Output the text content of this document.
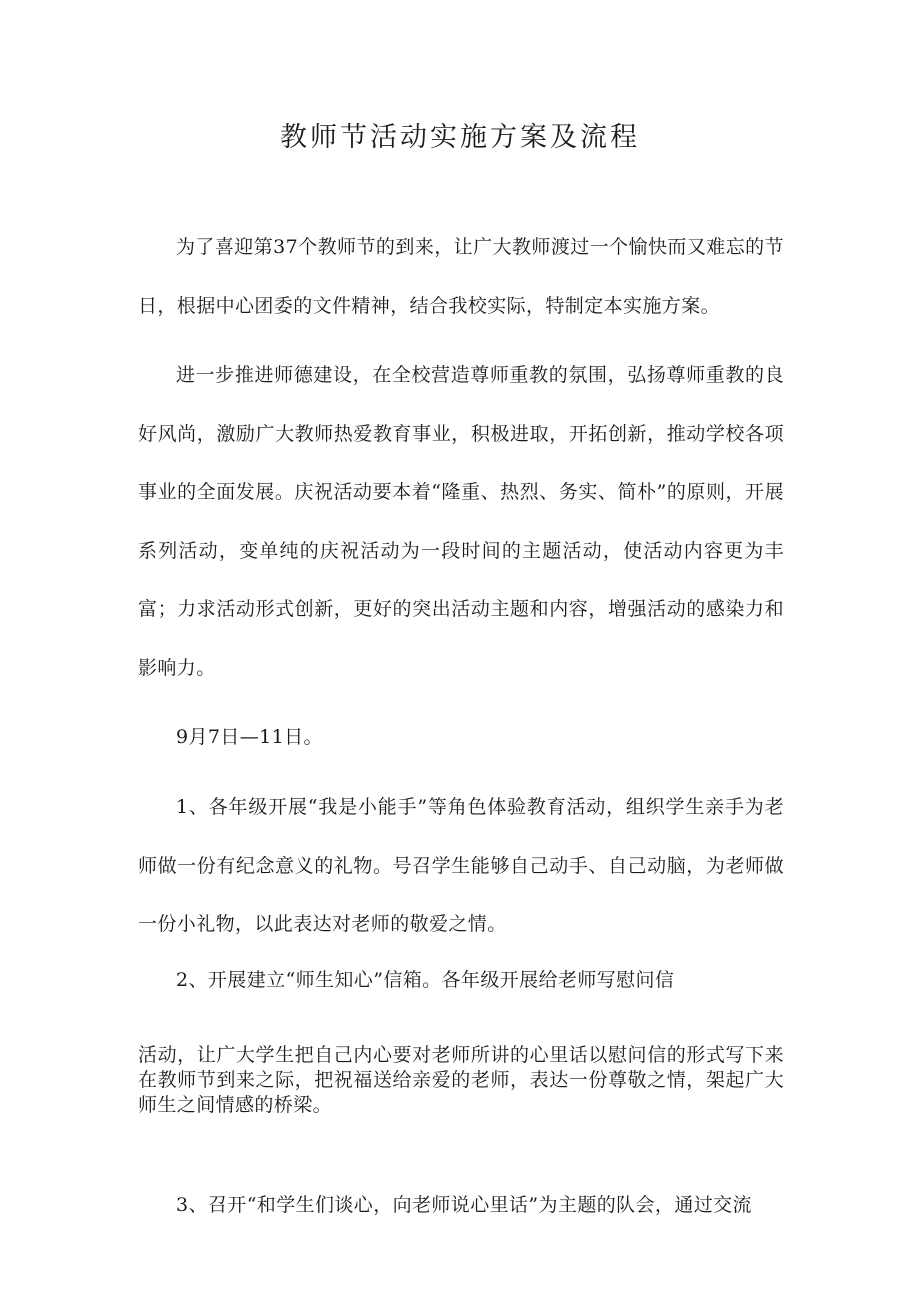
教师节活动实施方案及流程

为了喜迎第37个教师节的到来，让广大教师渡过一个愉快而又难忘的节日，根据中心团委的文件精神，结合我校实际，特制定本实施方案。

进一步推进师德建设，在全校营造尊师重教的氛围，弘扬尊师重教的良好风尚，激励广大教师热爱教育事业，积极进取，开拓创新，推动学校各项事业的全面发展。庆祝活动要本着“隆重、热烈、务实、简朴”的原则，开展系列活动，变单纯的庆祝活动为一段时间的主题活动，使活动内容更为丰富；力求活动形式创新，更好的突出活动主题和内容，增强活动的感染力和影响力。

9月7日—11日。

1、各年级开展“我是小能手”等角色体验教育活动，组织学生亲手为老师做一份有纪念意义的礼物。号召学生能够自己动手、自己动脑，为老师做一份小礼物，以此表达对老师的敬爱之情。

2、开展建立“师生知心”信箱。各年级开展给老师写慰问信

活动，让广大学生把自己内心要对老师所讲的心里话以慰问信的形式写下来在教师节到来之际，把祝福送给亲爱的老师，表达一份尊敬之情，架起广大师生之间情感的桥梁。

3、召开“和学生们谈心，向老师说心里话”为主题的队会，通过交流
